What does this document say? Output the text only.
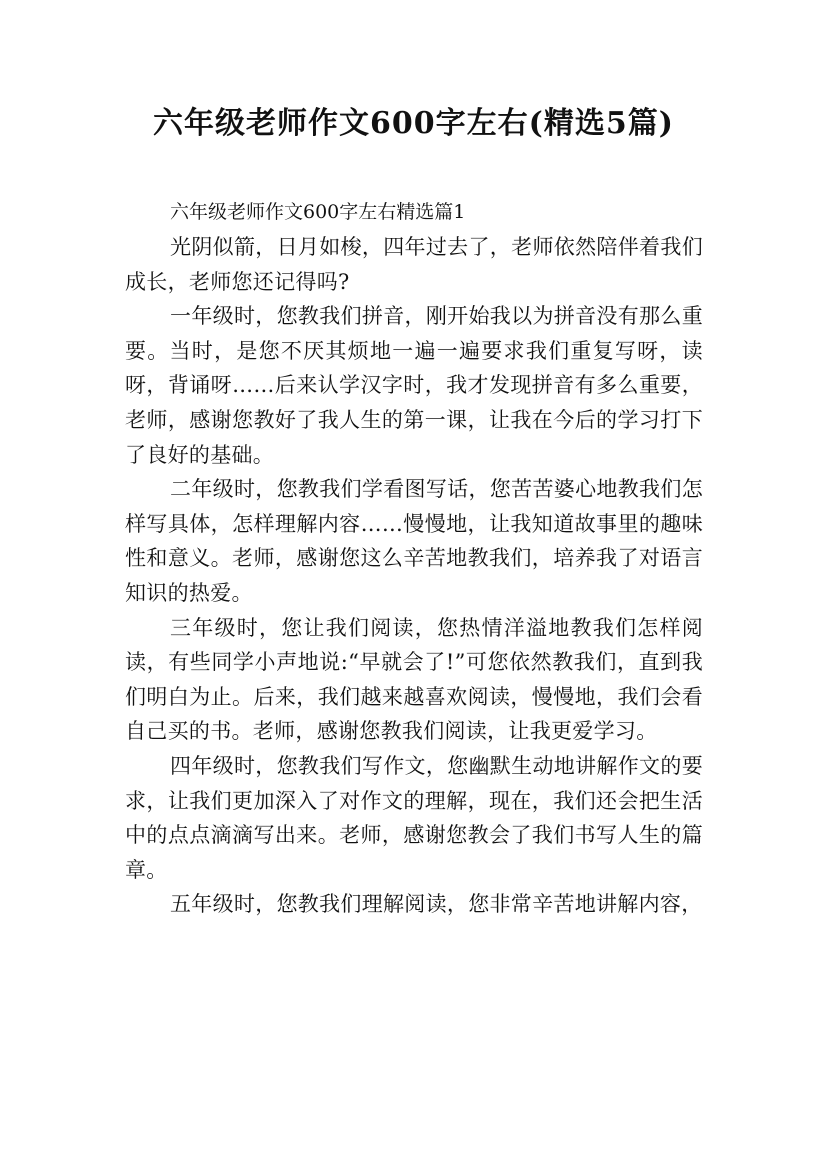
六年级老师作文600字左右(精选5篇)
六年级老师作文600字左右精选篇1

光阴似箭，日月如梭，四年过去了，老师依然陪伴着我们成长，老师您还记得吗?

一年级时，您教我们拼音，刚开始我以为拼音没有那么重要。当时，是您不厌其烦地一遍一遍要求我们重复写呀，读呀，背诵呀……后来认学汉字时，我才发现拼音有多么重要，老师，感谢您教好了我人生的第一课，让我在今后的学习打下了良好的基础。

二年级时，您教我们学看图写话，您苦苦婆心地教我们怎样写具体，怎样理解内容……慢慢地，让我知道故事里的趣味性和意义。老师，感谢您这么辛苦地教我们，培养我了对语言知识的热爱。

三年级时，您让我们阅读，您热情洋溢地教我们怎样阅读，有些同学小声地说:“早就会了!”可您依然教我们，直到我们明白为止。后来，我们越来越喜欢阅读，慢慢地，我们会看自己买的书。老师，感谢您教我们阅读，让我更爱学习。

四年级时，您教我们写作文，您幽默生动地讲解作文的要求，让我们更加深入了对作文的理解，现在，我们还会把生活中的点点滴滴写出来。老师，感谢您教会了我们书写人生的篇章。

五年级时，您教我们理解阅读，您非常辛苦地讲解内容，
